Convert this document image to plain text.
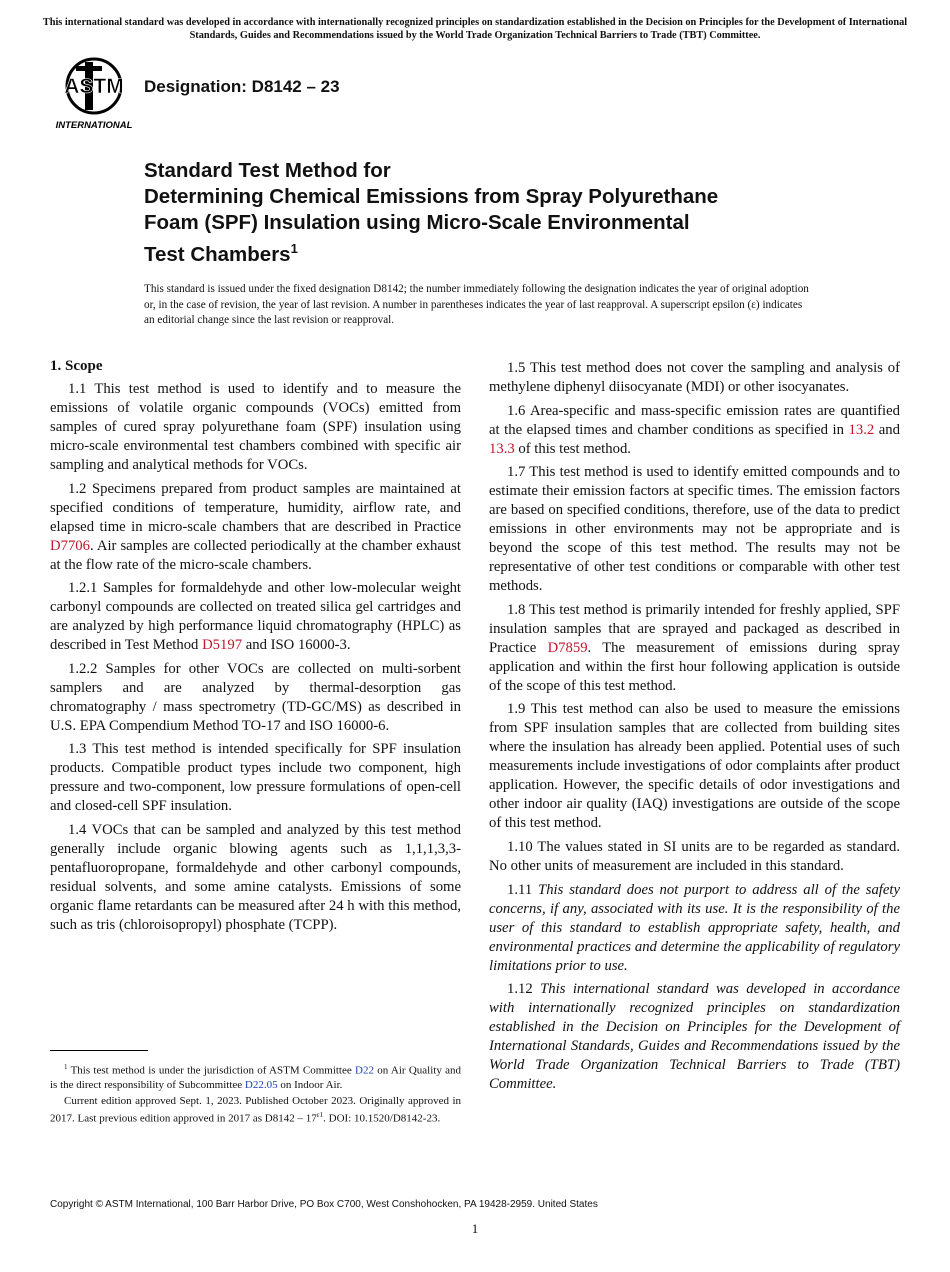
This international standard was developed in accordance with internationally recognized principles on standardization established in the Decision on Principles for the Development of International Standards, Guides and Recommendations issued by the World Trade Organization Technical Barriers to Trade (TBT) Committee.
ASTM
INTERNATIONAL
Designation: D8142 – 23
Standard Test Method for
Determining Chemical Emissions from Spray Polyurethane
Foam (SPF) Insulation using Micro-Scale Environmental
Test Chambers$^1$
This standard is issued under the fixed designation D8142; the number immediately following the designation indicates the year of original adoption or, in the case of revision, the year of last revision. A number in parentheses indicates the year of last reapproval. A superscript epsilon (ε) indicates an editorial change since the last revision or reapproval.
1. Scope

1.1 This test method is used to identify and to measure the emissions of volatile organic compounds (VOCs) emitted from samples of cured spray polyurethane foam (SPF) insulation using micro-scale environmental test chambers combined with specific air sampling and analytical methods for VOCs.

1.2 Specimens prepared from product samples are maintained at specified conditions of temperature, humidity, airflow rate, and elapsed time in micro-scale chambers that are described in Practice D7706. Air samples are collected periodically at the chamber exhaust at the flow rate of the micro-scale chambers.

1.2.1 Samples for formaldehyde and other low-molecular weight carbonyl compounds are collected on treated silica gel cartridges and are analyzed by high performance liquid chromatography (HPLC) as described in Test Method D5197 and ISO 16000-3.

1.2.2 Samples for other VOCs are collected on multi-sorbent samplers and are analyzed by thermal-desorption gas chromatography / mass spectrometry (TD-GC/MS) as described in U.S. EPA Compendium Method TO-17 and ISO 16000-6.

1.3 This test method is intended specifically for SPF insulation products. Compatible product types include two component, high pressure and two-component, low pressure formulations of open-cell and closed-cell SPF insulation.

1.4 VOCs that can be sampled and analyzed by this test method generally include organic blowing agents such as 1,1,1,3,3-pentafluoropropane, formaldehyde and other carbonyl compounds, residual solvents, and some amine catalysts. Emissions of some organic flame retardants can be measured after 24 h with this method, such as tris (chloroisopropyl) phosphate (TCPP).

1.5 This test method does not cover the sampling and analysis of methylene diphenyl diisocyanate (MDI) or other isocyanates.

1.6 Area-specific and mass-specific emission rates are quantified at the elapsed times and chamber conditions as specified in 13.2 and 13.3 of this test method.

1.7 This test method is used to identify emitted compounds and to estimate their emission factors at specific times. The emission factors are based on specified conditions, therefore, use of the data to predict emissions in other environments may not be appropriate and is beyond the scope of this test method. The results may not be representative of other test conditions or comparable with other test methods.

1.8 This test method is primarily intended for freshly applied, SPF insulation samples that are sprayed and packaged as described in Practice D7859. The measurement of emissions during spray application and within the first hour following application is outside of the scope of this test method.

1.9 This test method can also be used to measure the emissions from SPF insulation samples that are collected from building sites where the insulation has already been applied. Potential uses of such measurements include investigations of odor complaints after product application. However, the specific details of odor investigations and other indoor air quality (IAQ) investigations are outside of the scope of this test method.

1.10 The values stated in SI units are to be regarded as standard. No other units of measurement are included in this standard.

1.11 This standard does not purport to address all of the safety concerns, if any, associated with its use. It is the responsibility of the user of this standard to establish appropriate safety, health, and environmental practices and determine the applicability of regulatory limitations prior to use.

1.12 This international standard was developed in accordance with internationally recognized principles on standardization established in the Decision on Principles for the Development of International Standards, Guides and Recommendations issued by the World Trade Organization Technical Barriers to Trade (TBT) Committee.

$^1$ This test method is under the jurisdiction of ASTM Committee D22 on Air Quality and is the direct responsibility of Subcommittee D22.05 on Indoor Air.

Current edition approved Sept. 1, 2023. Published October 2023. Originally approved in 2017. Last previous edition approved in 2017 as $D8142 - 17^{\varepsilon 1}$. DOI: 10.1520/D8142-23.

Copyright © ASTM International, 100 Barr Harbor Drive, PO Box C700, West Conshohocken, PA 19428-2959. United States
1
